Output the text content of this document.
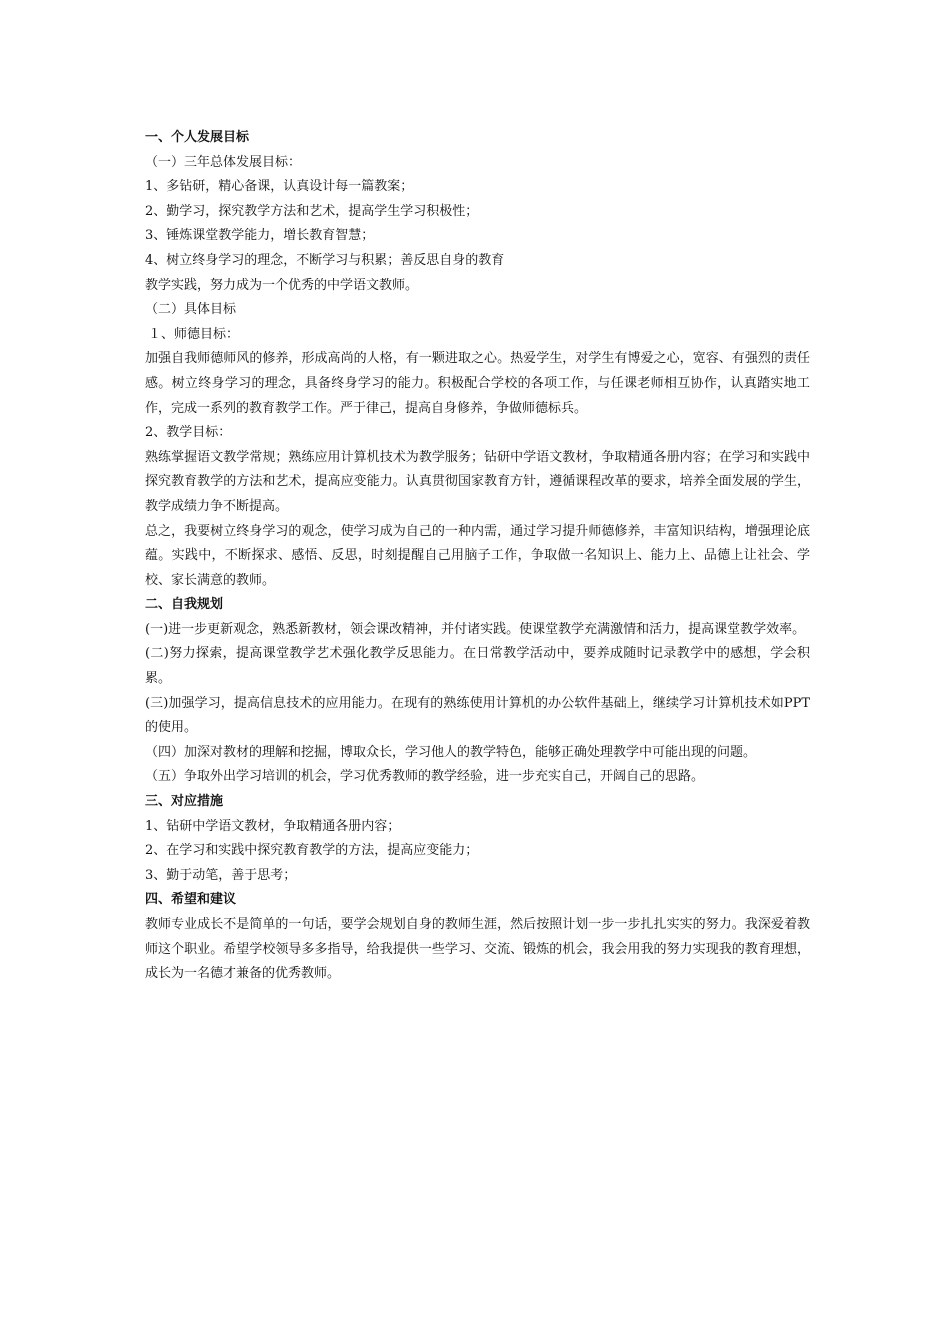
一、个人发展目标

（一）三年总体发展目标：

1、多钻研，精心备课，认真设计每一篇教案；

2、勤学习，探究教学方法和艺术，提高学生学习积极性；

3、锤炼课堂教学能力，增长教育智慧；

4、树立终身学习的理念，不断学习与积累；善反思自身的教育

教学实践，努力成为一个优秀的中学语文教师。

（二）具体目标

１、师德目标：

加强自我师德师风的修养，形成高尚的人格，有一颗进取之心。热爱学生，对学生有博爱之心，宽容、有强烈的责任感。树立终身学习的理念，具备终身学习的能力。积极配合学校的各项工作，与任课老师相互协作，认真踏实地工作，完成一系列的教育教学工作。严于律己，提高自身修养，争做师德标兵。

2、教学目标：

熟练掌握语文教学常规；熟练应用计算机技术为教学服务；钻研中学语文教材，争取精通各册内容；在学习和实践中探究教育教学的方法和艺术，提高应变能力。认真贯彻国家教育方针，遵循课程改革的要求，培养全面发展的学生，教学成绩力争不断提高。

总之，我要树立终身学习的观念，使学习成为自己的一种内需，通过学习提升师德修养，丰富知识结构，增强理论底蕴。实践中，不断探求、感悟、反思，时刻提醒自己用脑子工作，争取做一名知识上、能力上、品德上让社会、学校、家长满意的教师。

二、自我规划

(一)进一步更新观念，熟悉新教材，领会课改精神，并付诸实践。使课堂教学充满激情和活力，提高课堂教学效率。

(二)努力探索，提高课堂教学艺术强化教学反思能力。在日常教学活动中，要养成随时记录教学中的感想，学会积累。

(三)加强学习，提高信息技术的应用能力。在现有的熟练使用计算机的办公软件基础上，继续学习计算机技术如PPT的使用。

（四）加深对教材的理解和挖掘，博取众长，学习他人的教学特色，能够正确处理教学中可能出现的问题。

（五）争取外出学习培训的机会，学习优秀教师的教学经验，进一步充实自己，开阔自己的思路。

三、对应措施

1、钻研中学语文教材，争取精通各册内容；

2、在学习和实践中探究教育教学的方法，提高应变能力；

3、勤于动笔，善于思考；

四、希望和建议

教师专业成长不是简单的一句话，要学会规划自身的教师生涯，然后按照计划一步一步扎扎实实的努力。我深爱着教师这个职业。希望学校领导多多指导，给我提供一些学习、交流、锻炼的机会，我会用我的努力实现我的教育理想，成长为一名德才兼备的优秀教师。
